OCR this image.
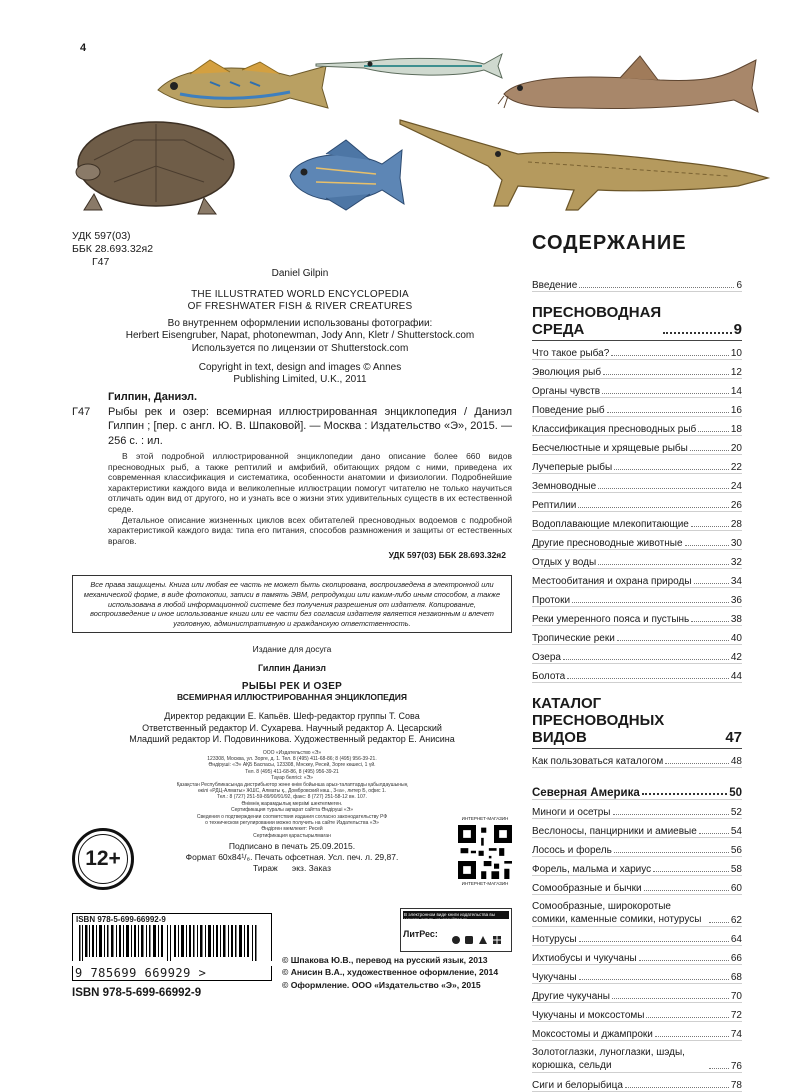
4
УДК 597(03)
ББК 28.693.32я2
Г47
Daniel Gilpin
THE ILLUSTRATED WORLD ENCYCLOPEDIA
OF FRESHWATER FISH & RIVER CREATURES
Во внутреннем оформлении использованы фотографии:
Herbert Eisengruber, Napat, photonewman, Jody Ann, Kletr / Shutterstock.com
Используется по лицензии от Shutterstock.com
Copyright in text, design and images © Annes
Publishing Limited, U.K., 2011
Гилпин, Даниэл.
Г47	Рыбы рек и озер: всемирная иллюстрированная энциклопедия / Даниэл Гилпин ; [пер. с англ. Ю. В. Шпаковой]. — Москва : Издательство «Э», 2015. — 256 с. : ил.
В этой подробной иллюстрированной энциклопедии дано описание более 660 видов пресноводных рыб, а также рептилий и амфибий, обитающих рядом с ними, приведена их современная классификация и систематика, особенности анатомии и физиологии. Подробнейшие характеристики каждого вида и великолепные иллюстрации помогут читателю не только научиться отличать один вид от другого, но и узнать все о жизни этих удивительных существ в их естественной среде.
Детальное описание жизненных циклов всех обитателей пресноводных водоемов с подробной характеристикой каждого вида: типа его питания, способов размножения и защиты от естественных врагов.
УДК 597(03) ББК 28.693.32я2
Все права защищены. Книга или любая ее часть не может быть скопирована, воспроизведена в электронной или механической форме, в виде фотокопии, записи в память ЭВМ, репродукции или каким-либо иным способом, а также использована в любой информационной системе без получения разрешения от издателя. Копирование, воспроизведение и иное использование книги или ее части без согласия издателя является незаконным и влечет уголовную, административную и гражданскую ответственность.
Издание для досуга
Гилпин Даниэл
РЫБЫ РЕК И ОЗЕР
ВСЕМИРНАЯ ИЛЛЮСТРИРОВАННАЯ ЭНЦИКЛОПЕДИЯ
Директор редакции Е. Капьёв. Шеф-редактор группы Т. Сова
Ответственный редактор И. Сухарева. Научный редактор А. Цесарский
Младший редактор И. Подовинникова. Художественный редактор Е. Анисина
ООО «Издательство «Э»
123308, Москва, ул. Зорге, д. 1. Тел. 8 (495) 411-68-86; 8 (495) 956-39-21.
Өндіруші: «Э» АҚБ Баспасы, 123308, Мәскеу, Ресей, Зорге көшесі, 1 үй.
Тел. 8 (495) 411-68-86, 8 (495) 956-39-21
Тауар белгісі: «Э»
Қазақстан Республикасында дистрибьютор және өнім бойынша арыз-талаптарды қабылдаушының
өкілі «РДЦ-Алматы» ЖШС, Алматы қ., Домбровский көш., 3«а», литер Б, офис 1.
Тел.: 8 (727) 251-59-89/90/91/92, факс: 8 (727) 251-58-12 вн. 107.
Өнімнің жарамдылық мерзімі шектелмеген.
Сертификация туралы ақпарат сайтта Өндіруші «Э»
Сведения о подтверждении соответствия издания согласно законодательству РФ
о техническом регулировании можно получить на сайте Издательства «Э»
Өндірген мемлекет: Ресей
Сертификация қарастырылмаған
Подписано в печать 25.09.2015.
Формат 60x84¹/₈. Печать офсетная. Усл. печ. л. 29,87.
Тираж      экз. Заказ
12+
ИНТЕРНЕТ-МАГАЗИН
ИНТЕРНЕТ-МАГАЗИН
ISBN 978-5-699-66992-9
9 785699 669929 >
ISBN 978-5-699-66992-9
В электронном виде книги издательства вы можете купить на www.litres.ru
ЛитРес:
© Шпакова Ю.В., перевод на русский язык, 2013
© Анисин В.А., художественное оформление, 2014
© Оформление. ООО «Издательство «Э», 2015
СОДЕРЖАНИЕ
Введение	6
ПРЕСНОВОДНАЯ
СРЕДА	9
Что такое рыба?	10
Эволюция рыб	12
Органы чувств	14
Поведение рыб	16
Классификация пресноводных рыб	18
Бесчелюстные и хрящевые рыбы	20
Лучеперые рыбы	22
Земноводные	24
Рептилии	26
Водоплавающие млекопитающие	28
Другие пресноводные животные	30
Отдых у воды	32
Местообитания и охрана природы	34
Протоки	36
Реки умеренного пояса и пустынь	38
Тропические реки	40
Озера	42
Болота	44
КАТАЛОГ ПРЕСНОВОДНЫХ
ВИДОВ	47
Как пользоваться каталогом	48
Северная Америка	50
Миноги и осетры	52
Веслоносы, панцирники и амиевые	54
Лосось и форель	56
Форель, мальма и хариус	58
Сомообразные и бычки	60
Сомообразные, широкоротые сомики, каменные сомики, нотурусы	62
Нотурусы	64
Ихтиобусы и чукучаны	66
Чукучаны	68
Другие чукучаны	70
Чукучаны и моксостомы	72
Моксостомы и джампроки	74
Золотоглазки, луноглазки, шэды, корюшка, сельди	76
Сиги и белорыбица	78
